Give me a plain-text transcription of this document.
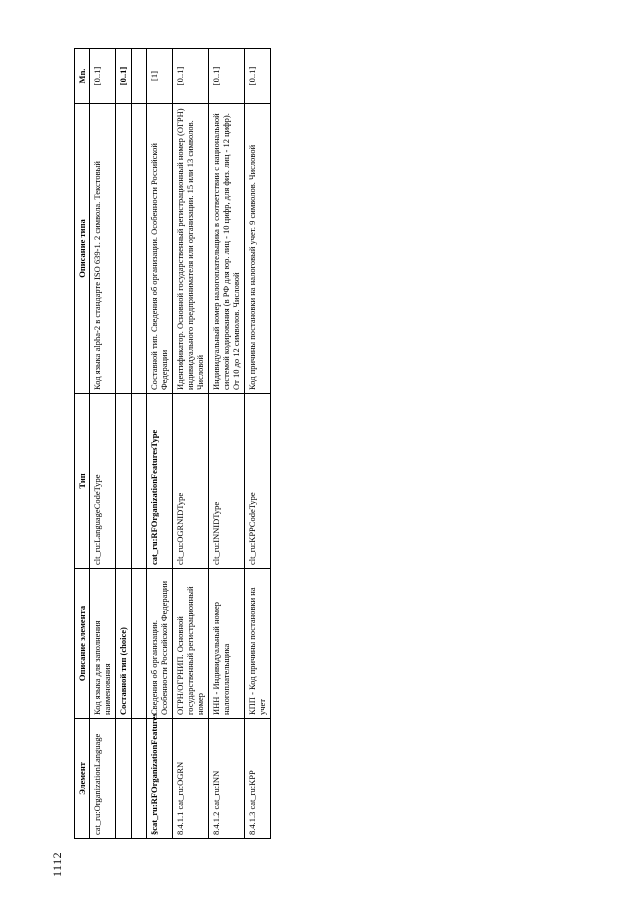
1112
Элемент	Описание элемента	Тип	Описание типа	Mn.
cat_ru:OrganizationLanguage	Код языка для заполнения наименования	clt_ru:LanguageCodeType	Код языка alpha-2 в стандарте ISO 639-1. 2 символа. Текстовый	[0..1]
	Составной тип (choice)			[0..1]

§cat_ru:RFOrganizationFeatures	Сведения об организации. Особенности Российской Федерации	cat_ru:RFOrganizationFeaturesType	Составной тип. Сведения об организации. Особенности Российской Федерации	[1]
8.4.1.1 cat_ru:OGRN	ОГРН/ОГРНИП. Основной государственный регистрационный номер	clt_ru:OGRNIDType	Идентификатор. Основной государственный регистрационный номер (ОГРН) индивидуального предпринимателя или организации. 15 или 13 символов. Числовой	[0..1]
8.4.1.2 cat_ru:INN	ИНН - Индивидуальный номер налогоплательщика	clt_ru:INNIDType	Индивидуальный номер налогоплательщика в соответствии с национальной системой кодирования (в РФ для юр. лиц - 10 цифр, для физ. лиц - 12 цифр). От 10 до 12 символов. Числовой	[0..1]
8.4.1.3 cat_ru:KPP	КПП - Код причины постановки на учет	clt_ru:KPPCodeType	Код причины постановки на налоговый учет. 9 символов. Числовой	[0..1]
